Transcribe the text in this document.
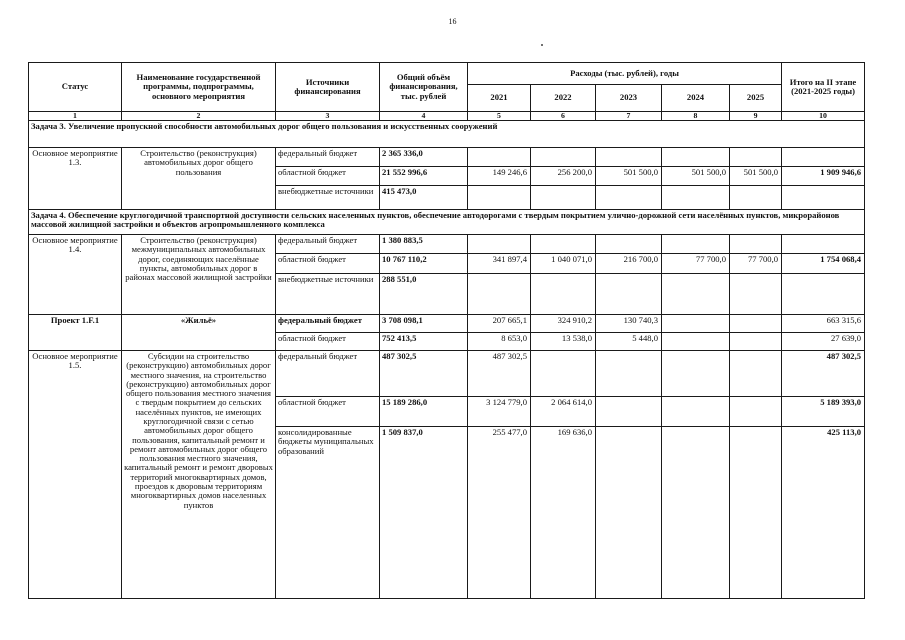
16
Статус	Наименование государственной программы, подпрограммы, основного мероприятия	Источники финансирования	Общий объём финансирования, тыс. рублей	Расходы (тыс. рублей), годы					Итого на II этапе (2021-2025 годы)
				2021	2022	2023	2024	2025	
1	2	3	4	5	6	7	8	9	10
Задача 3. Увеличение пропускной способности автомобильных дорог общего пользования и искусственных сооружений									
Основное мероприятие 1.3.	Строительство (реконструкция) автомобильных дорог общего пользования	федеральный бюджет	2 365 336,0						
		областной бюджет	21 552 996,6	149 246,6	256 200,0	501 500,0	501 500,0	501 500,0	1 909 946,6
		внебюджетные источники	415 473,0						
Задача 4. Обеспечение круглогодичной транспортной доступности сельских населенных пунктов, обеспечение автодорогами с твердым покрытием улично-дорожной сети населённых пунктов, микрорайонов массовой жилищной застройки и объектов агропромышленного комплекса									
Основное мероприятие 1.4.	Строительство (реконструкция) межмуниципальных автомобильных дорог, соединяющих населённые пункты, автомобильных дорог в районах массовой жилищной застройки	федеральный бюджет	1 380 883,5						
		областной бюджет	10 767 110,2	341 897,4	1 040 071,0	216 700,0	77 700,0	77 700,0	1 754 068,4
		внебюджетные источники	288 551,0						
Проект 1.F.1	«Жильё»	федеральный бюджет	3 708 098,1	207 665,1	324 910,2	130 740,3			663 315,6
		областной бюджет	752 413,5	8 653,0	13 538,0	5 448,0			27 639,0
Основное мероприятие 1.5.	Субсидии на строительство (реконструкцию) автомобильных дорог местного значения, на строительство (реконструкцию) автомобильных дорог общего пользования местного значения с твердым покрытием до сельских населённых пунктов, не имеющих круглогодичной связи с сетью автомобильных дорог общего пользования, капитальный ремонт и ремонт автомобильных дорог общего пользования местного значения, капитальный ремонт и ремонт дворовых территорий многоквартирных домов, проездов к дворовым территориям многоквартирных домов населенных пунктов	федеральный бюджет	487 302,5	487 302,5					487 302,5
		областной бюджет	15 189 286,0	3 124 779,0	2 064 614,0				5 189 393,0
		консолидированные бюджеты муниципальных образований	1 509 837,0	255 477,0	169 636,0				425 113,0
